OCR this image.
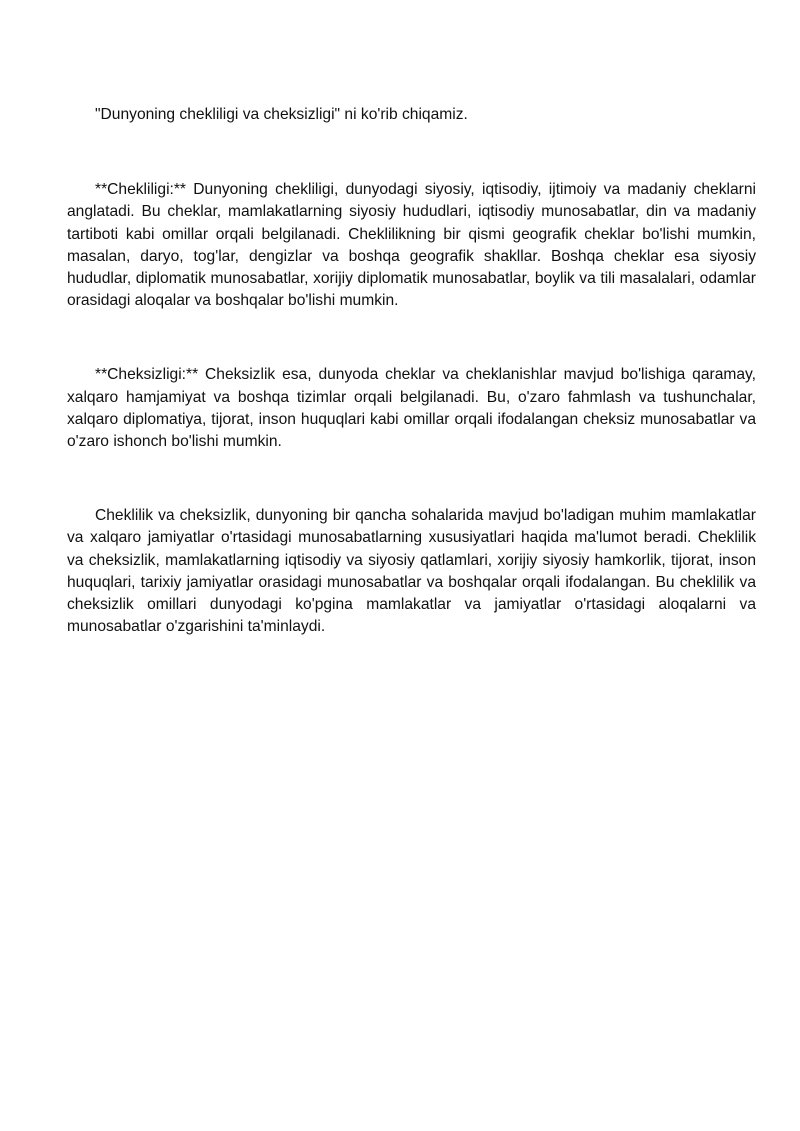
"Dunyoning chekliligi va cheksizligi" ni ko'rib chiqamiz.

**Chekliligi:** Dunyoning chekliligi, dunyodagi siyosiy, iqtisodiy, ijtimoiy va madaniy cheklarni anglatadi. Bu cheklar, mamlakatlarning siyosiy hududlari, iqtisodiy munosabatlar, din va madaniy tartiboti kabi omillar orqali belgilanadi. Cheklilikning bir qismi geografik cheklar bo'lishi mumkin, masalan, daryo, tog'lar, dengizlar va boshqa geografik shakllar. Boshqa cheklar esa siyosiy hududlar, diplomatik munosabatlar, xorijiy diplomatik munosabatlar, boylik va tili masalalari, odamlar orasidagi aloqalar va boshqalar bo'lishi mumkin.

**Cheksizligi:** Cheksizlik esa, dunyoda cheklar va cheklanishlar mavjud bo'lishiga qaramay, xalqaro hamjamiyat va boshqa tizimlar orqali belgilanadi. Bu, o'zaro fahmlash va tushunchalar, xalqaro diplomatiya, tijorat, inson huquqlari kabi omillar orqali ifodalangan cheksiz munosabatlar va o'zaro ishonch bo'lishi mumkin.

Cheklilik va cheksizlik, dunyoning bir qancha sohalarida mavjud bo'ladigan muhim mamlakatlar va xalqaro jamiyatlar o'rtasidagi munosabatlarning xususiyatlari haqida ma'lumot beradi. Cheklilik va cheksizlik, mamlakatlarning iqtisodiy va siyosiy qatlamlari, xorijiy siyosiy hamkorlik, tijorat, inson huquqlari, tarixiy jamiyatlar orasidagi munosabatlar va boshqalar orqali ifodalangan. Bu cheklilik va cheksizlik omillari dunyodagi ko'pgina mamlakatlar va jamiyatlar o'rtasidagi aloqalarni va munosabatlar o'zgarishini ta'minlaydi.
